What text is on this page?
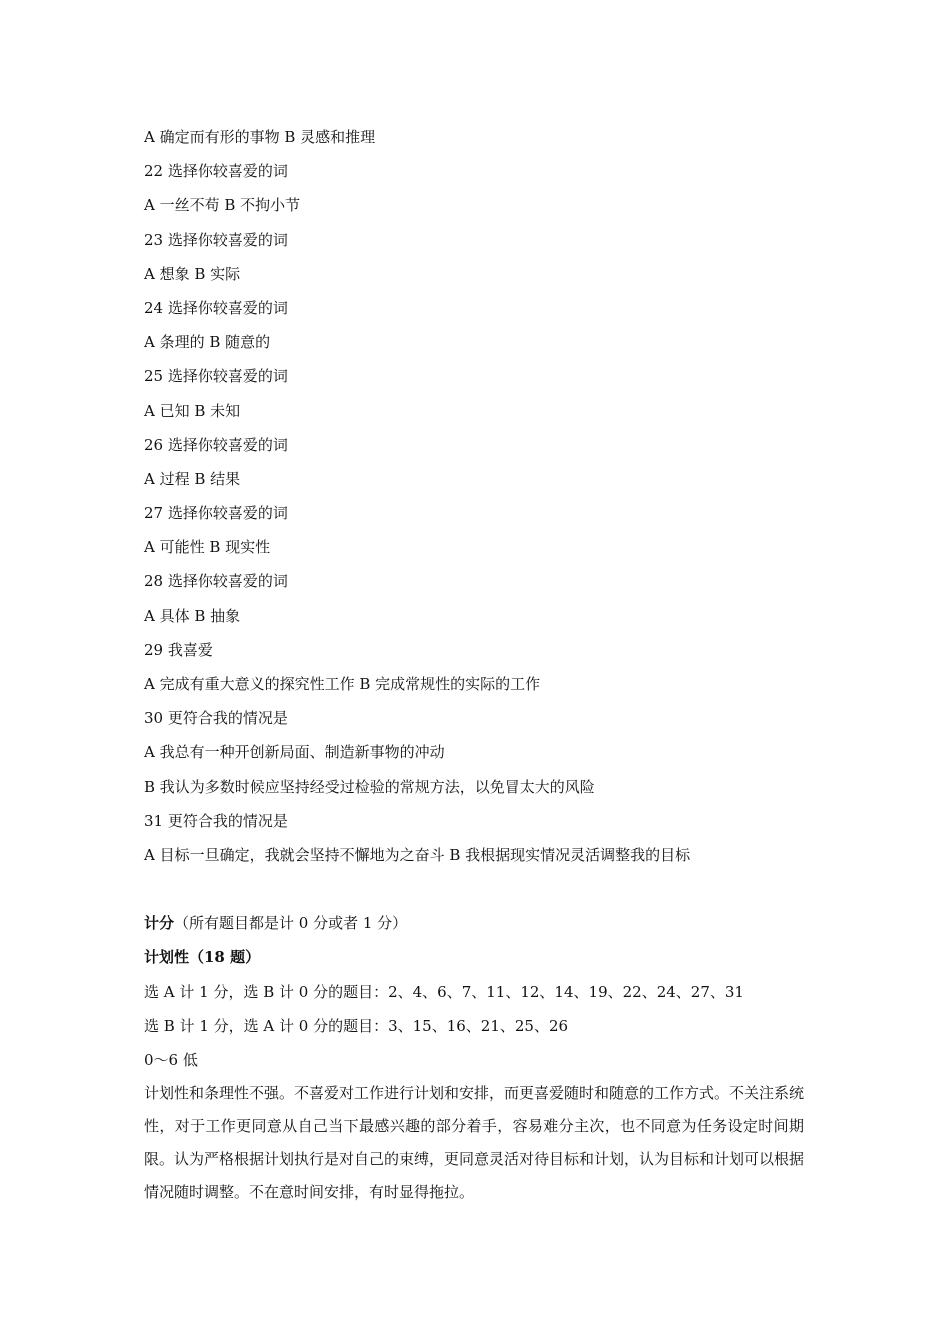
A 确定而有形的事物 B 灵感和推理
22 选择你较喜爱的词
A 一丝不苟 B 不拘小节
23 选择你较喜爱的词
A 想象 B 实际
24 选择你较喜爱的词
A 条理的 B 随意的
25 选择你较喜爱的词
A 已知 B 未知
26 选择你较喜爱的词
A 过程 B 结果
27 选择你较喜爱的词
A 可能性 B 现实性
28 选择你较喜爱的词
A 具体 B 抽象
29 我喜爱
A 完成有重大意义的探究性工作 B 完成常规性的实际的工作
30 更符合我的情况是
A 我总有一种开创新局面、制造新事物的冲动
B 我认为多数时候应坚持经受过检验的常规方法，以免冒太大的风险
31 更符合我的情况是
A 目标一旦确定，我就会坚持不懈地为之奋斗 B 我根据现实情况灵活调整我的目标
计分（所有题目都是计 0 分或者 1 分）
计划性（18 题）
选 A 计 1 分，选 B 计 0 分的题目：2、4、6、7、11、12、14、19、22、24、27、31
选 B 计 1 分，选 A 计 0 分的题目：3、15、16、21、25、26
0～6 低

计划性和条理性不强。不喜爱对工作进行计划和安排，而更喜爱随时和随意的工作方式。不关注系统性，对于工作更同意从自己当下最感兴趣的部分着手，容易难分主次，也不同意为任务设定时间期限。认为严格根据计划执行是对自己的束缚，更同意灵活对待目标和计划，认为目标和计划可以根据情况随时调整。不在意时间安排，有时显得拖拉。
